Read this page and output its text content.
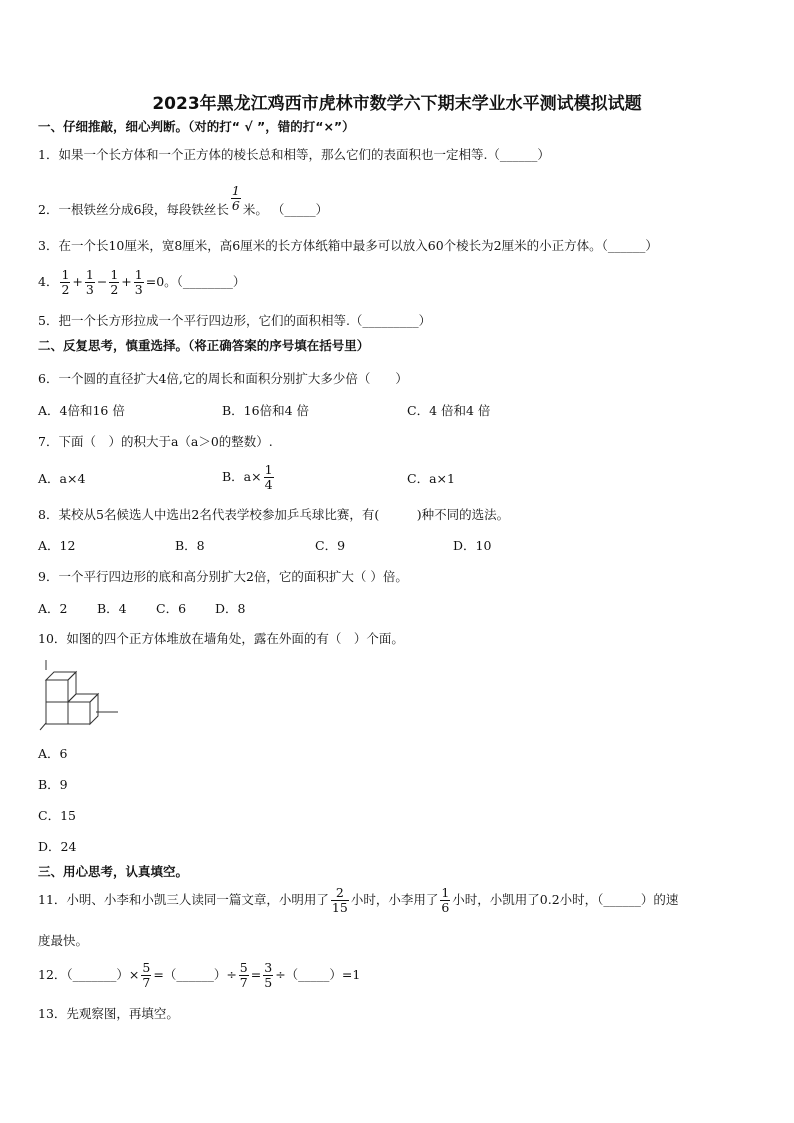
2023年黑龙江鸡西市虎林市数学六下期末学业水平测试模拟试题
一、仔细推敲，细心判断。（对的打“ √ ”，错的打“×”）
1．如果一个长方体和一个正方体的棱长总和相等，那么它们的表面积也一定相等.（______）
2．一根铁丝分成6段，每段铁丝长 $\frac{1}{6}$ 米。 （_____）
3．在一个长10厘米，宽8厘米，高6厘米的长方体纸箱中最多可以放入60个棱长为2厘米的小正方体。（______）
4． $\frac{1}{2} + \frac{1}{3} - \frac{1}{2} + \frac{1}{3} =0$。（________）
5．把一个长方形拉成一个平行四边形，它们的面积相等.（_________）
二、反复思考，慎重选择。（将正确答案的序号填在括号里）
6．一个圆的直径扩大4倍,它的周长和面积分别扩大多少倍（　　）
A．4倍和16 倍	B．16倍和4 倍	C．4 倍和4 倍
7．下面（　）的积大于a（a＞0的整数）.
A．a×4	B．$a\times \frac{1}{4}$	C．a×1
8．某校从5名候选人中选出2名代表学校参加乒乓球比赛，有(　　　)种不同的选法。
A．12	B．8	C．9	D．10
9．一个平行四边形的底和高分别扩大2倍，它的面积扩大（ ）倍。
A．2 B．4 C．6 D．8
10．如图的四个正方体堆放在墙角处，露在外面的有（　）个面。
A．6
B．9
C．15
D．24
三、用心思考，认真填空。
11．小明、小李和小凯三人读同一篇文章，小明用了 $\frac{2}{15}$ 小时，小李用了 $\frac{1}{6}$ 小时，小凯用了0.2小时，（______）的速
度最快。
12．（_______）× $\frac{5}{7}$ =（______）÷ $\frac{5}{7} = \frac{3}{5}$ ÷（_____）=1
13．先观察图，再填空。
